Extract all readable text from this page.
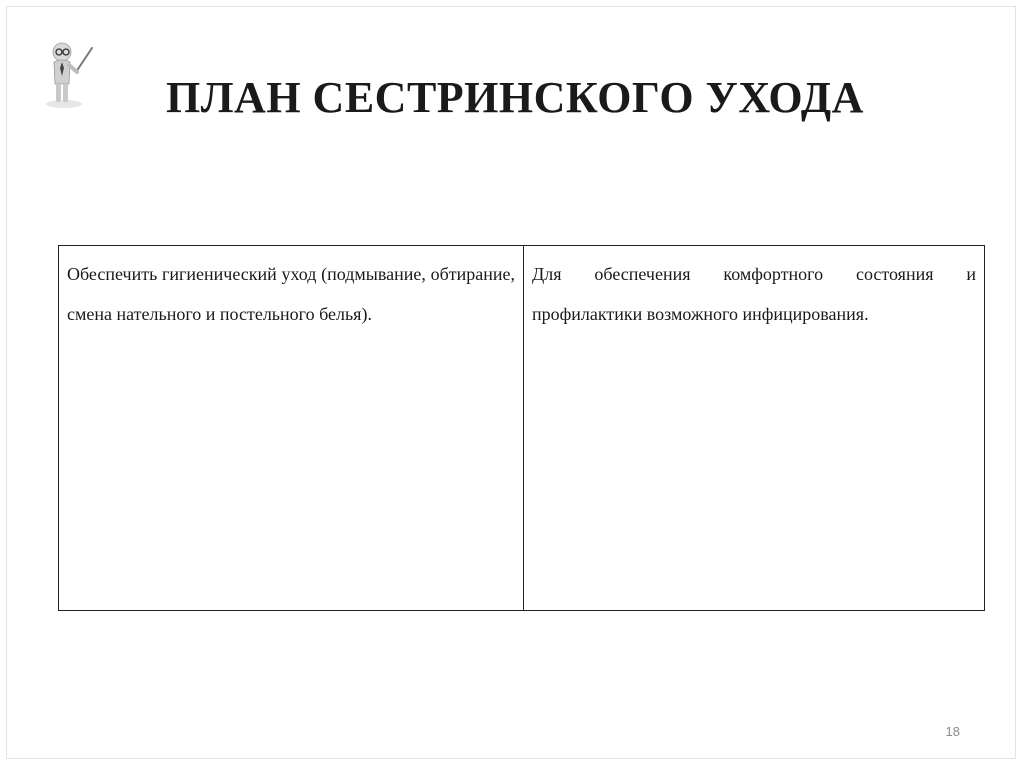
ПЛАН СЕСТРИНСКОГО УХОДА
Обеспечить гигиенический уход (подмывание, обтирание, смена нательного и постельного белья).	Для обеспечения комфортного состояния и профилактики возможного инфицирования.
18
